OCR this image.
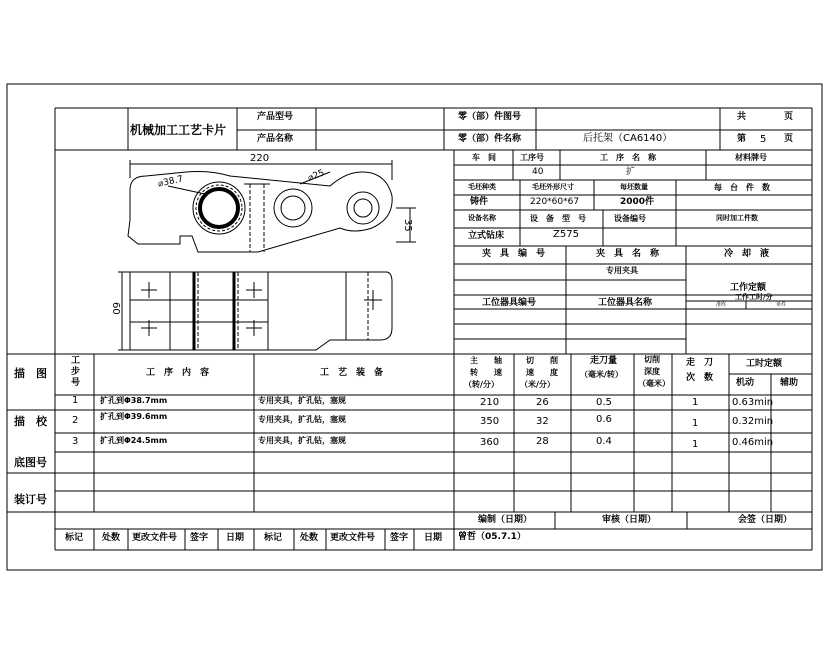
机械加工工艺卡片
产品型号
产品名称
零（部）件图号
零（部）件名称	后托架（CA6140）
共	页
第 5 页
220
⌀38.7	⌀25
35
60
车　间	工序号	工　序　名　称	材料牌号
40	扩
毛坯种类	毛坯外形尺寸	每坯数量	每　台　件　数
铸件	220*60*67	2000件
设备名称	设　备　型　号	设备编号	同时加工件数
立式钻床	Z575
夹　具　编　号	夹　具　名　称	冷　却　液
专用夹具
工位器具编号	工位器具名称
工作定额
工作工时/分
准终	单件
描　图
描　校
底图号
装订号
工步号
工　序　内　容	工　艺　装　备
主　　轴
转　　速
（转/分）
切　　削
速　　度
（米/分）
走刀量
（毫米/转）
切削
深度
（毫米）
走　刀
次　数
工时定额
机动	辅助
1	扩孔到Φ38.7mm	专用夹具，扩孔钻，塞规	210	26	0.5	1	0.63min
2	扩孔到Φ39.6mm	专用夹具，扩孔钻，塞规	350	32	0.6	1	0.32min
3	扩孔到Φ24.5mm	专用夹具，扩孔钻，塞规	360	28	0.4	1	0.46min
编制（日期）	审核（日期）	会签（日期）
标记 处数 更改文件号 签字 日期 标记 处数 更改文件号 签字 日期 曾哲（05.7.1）
